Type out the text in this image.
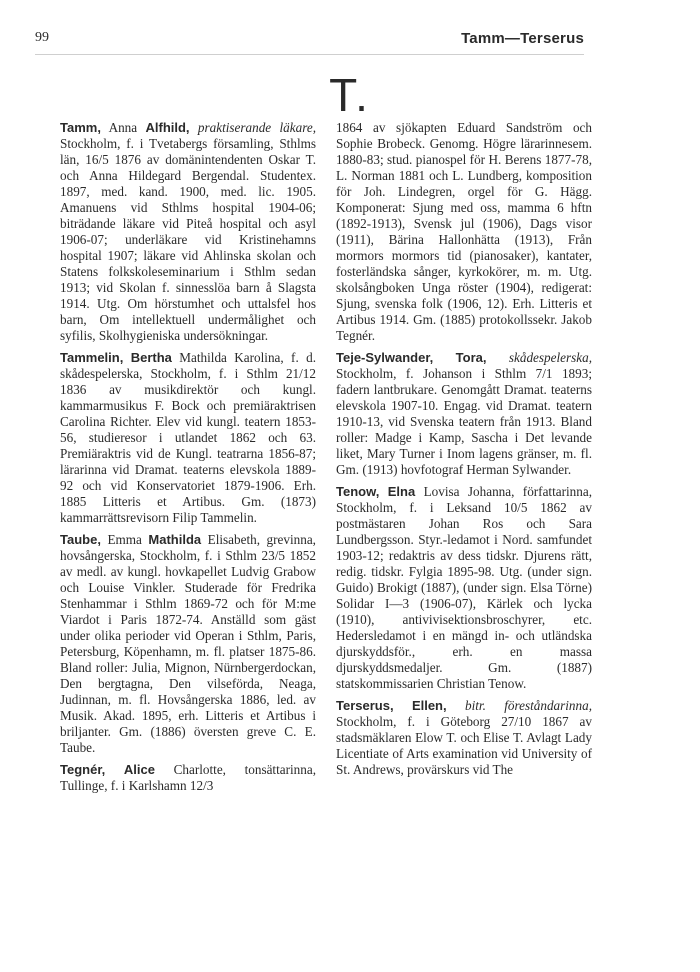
99	Tamm—Terserus
T.

Tamm, Anna Alfhild, praktiserande läkare, Stockholm, f. i Tvetabergs församling, Sthlms län, 16/5 1876 av domänintendenten Oskar T. och Anna Hildegard Bergendal. Studentex. 1897, med. kand. 1900, med. lic. 1905. Amanuens vid Sthlms hospital 1904-06; biträdande läkare vid Piteå hospital och asyl 1906-07; underläkare vid Kristinehamns hospital 1907; läkare vid Ahlinska skolan och Statens folkskoleseminarium i Sthlm sedan 1913; vid Skolan f. sinnesslöa barn å Slagsta 1914. Utg. Om hörstumhet och uttalsfel hos barn, Om intellektuell undermålighet och syfilis, Skolhygieniska undersökningar.

Tammelin, Bertha Mathilda Karolina, f. d. skådespelerska, Stockholm, f. i Sthlm 21/12 1836 av musikdirektör och kungl. kammarmusikus F. Bock och premiäraktrisen Carolina Richter. Elev vid kungl. teatern 1853-56, studieresor i utlandet 1862 och 63. Premiäraktris vid de Kungl. teatrarna 1856-87; lärarinna vid Dramat. teaterns elevskola 1889-92 och vid Konservatoriet 1879-1906. Erh. 1885 Litteris et Artibus. Gm. (1873) kammarrättsrevisorn Filip Tammelin.

Taube, Emma Mathilda Elisabeth, grevinna, hovsångerska, Stockholm, f. i Sthlm 23/5 1852 av medl. av kungl. hovkapellet Ludvig Grabow och Louise Vinkler. Studerade för Fredrika Stenhammar i Sthlm 1869-72 och för M:me Viardot i Paris 1872-74. Anställd som gäst under olika perioder vid Operan i Sthlm, Paris, Petersburg, Köpenhamn, m. fl. platser 1875-86. Bland roller: Julia, Mignon, Nürnbergerdockan, Den bergtagna, Den vilseförda, Neaga, Judinnan, m. fl. Hovsångerska 1886, led. av Musik. Akad. 1895, erh. Litteris et Artibus i briljanter. Gm. (1886) översten greve C. E. Taube.

Tegnér, Alice Charlotte, tonsättarinna, Tullinge, f. i Karlshamn 12/3

1864 av sjökapten Eduard Sandström och Sophie Brobeck. Genomg. Högre lärarinnesem. 1880-83; stud. pianospel för H. Berens 1877-78, L. Norman 1881 och L. Lundberg, komposition för Joh. Lindegren, orgel för G. Hägg. Komponerat: Sjung med oss, mamma 6 hftn (1892-1913), Svensk jul (1906), Dags visor (1911), Bärina Hallonhätta (1913), Från mormors mormors tid (pianosaker), kantater, fosterländska sånger, kyrkokörer, m. m. Utg. skolsångboken Unga röster (1904), redigerat: Sjung, svenska folk (1906, 12). Erh. Litteris et Artibus 1914. Gm. (1885) protokollssekr. Jakob Tegnér.

Teje-Sylwander, Tora, skådespelerska, Stockholm, f. Johanson i Sthlm 7/1 1893; fadern lantbrukare. Genomgått Dramat. teaterns elevskola 1907-10. Engag. vid Dramat. teatern 1910-13, vid Svenska teatern från 1913. Bland roller: Madge i Kamp, Sascha i Det levande liket, Mary Turner i Inom lagens gränser, m. fl. Gm. (1913) hovfotograf Herman Sylwander.

Tenow, Elna Lovisa Johanna, författarinna, Stockholm, f. i Leksand 10/5 1862 av postmästaren Johan Ros och Sara Lundbergsson. Styr.-ledamot i Nord. samfundet 1903-12; redaktris av dess tidskr. Djurens rätt, redig. tidskr. Fylgia 1895-98. Utg. (under sign. Guido) Brokigt (1887), (under sign. Elsa Törne) Solidar I—3 (1906-07), Kärlek och lycka (1910), antivivisektionsbroschyrer, etc. Hedersledamot i en mängd in- och utländska djurskyddsför., erh. en massa djurskyddsmedaljer. Gm. (1887) statskommissarien Christian Tenow.

Terserus, Ellen, bitr. föreståndarinna, Stockholm, f. i Göteborg 27/10 1867 av stadsmäklaren Elow T. och Elise T. Avlagt Lady Licentiate of Arts examination vid University of St. Andrews, provärskurs vid The
